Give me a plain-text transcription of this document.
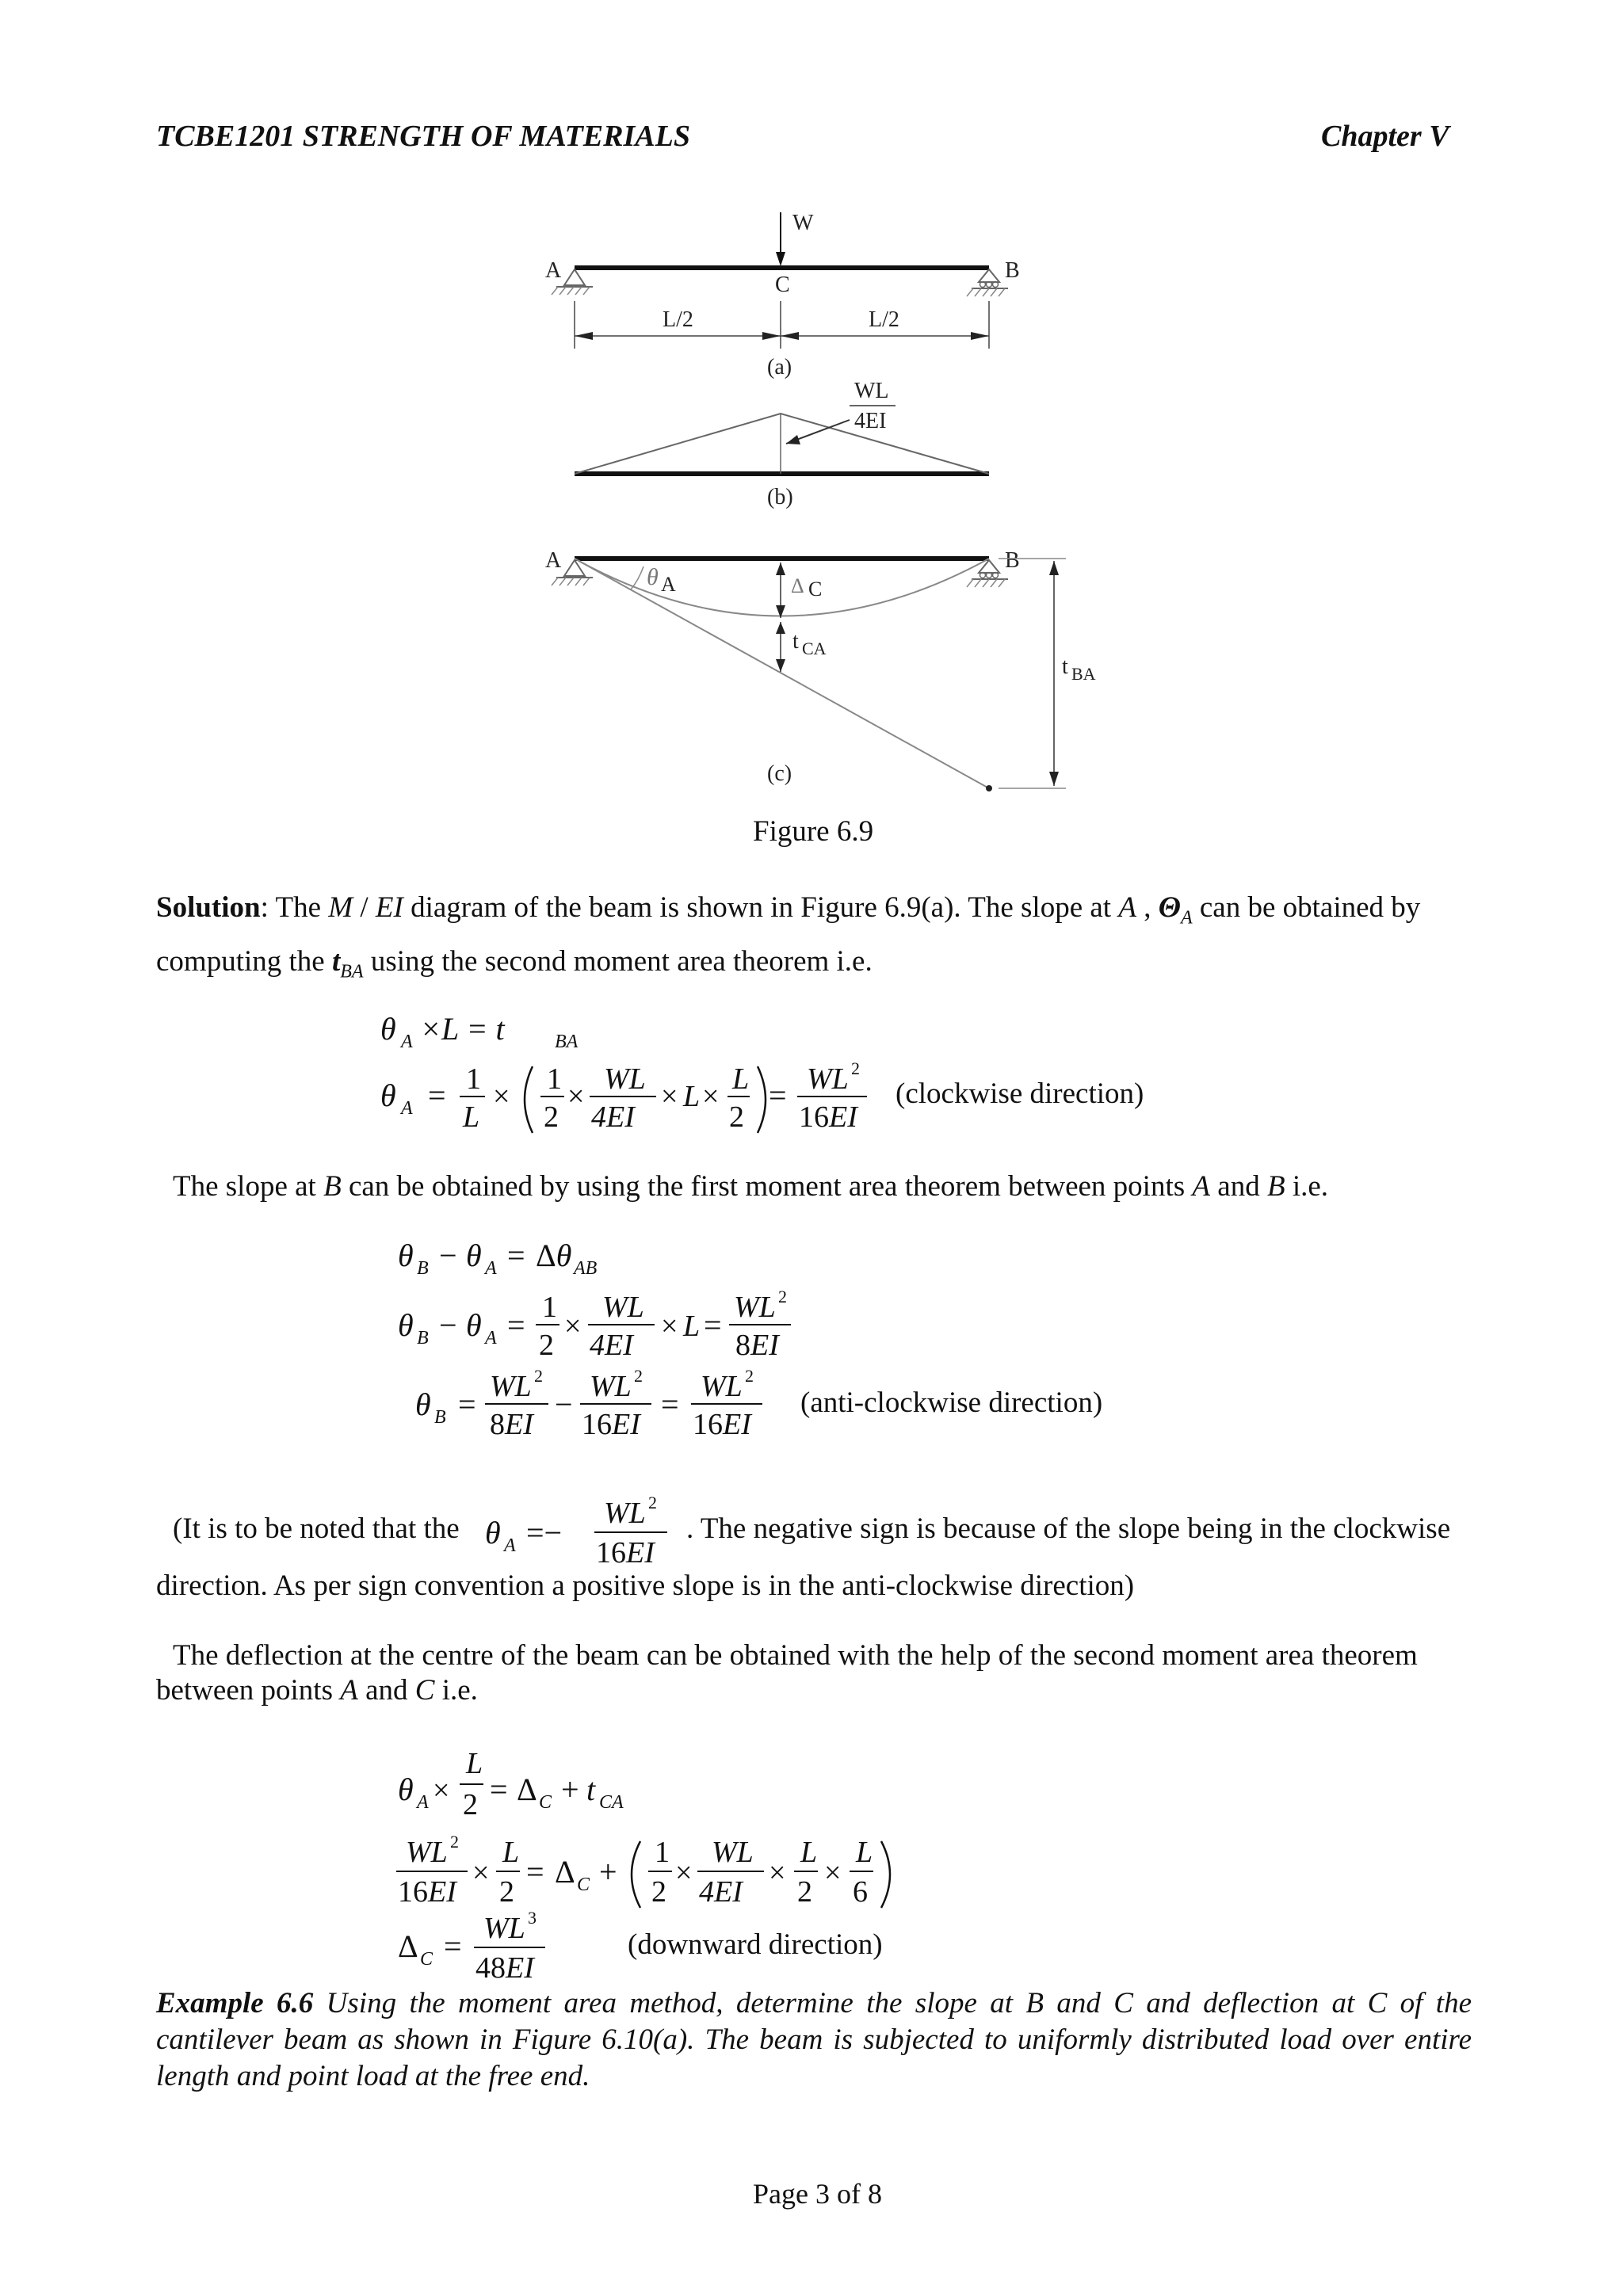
TCBE1201 STRENGTH OF MATERIALS	Chapter V
A	B
C
W
L/2	L/2
(a)
WL
4EI
(b)
A	B
θ A	Δ C
t CA
t BA
(c)
Figure 6.9
Solution: The M / EI diagram of the beam is shown in Figure 6.9(a). The slope at A , $\Theta_A$ can be obtained by computing the $t_{BA}$ using the second moment area theorem i.e.
θ A ×L = t	BA
θ A = 1
L
×
1
2
×
WL
4EI
× L ×
L
2
= WL 2
16EI
(clockwise direction)
The slope at B can be obtained by using the first moment area theorem between points A and B i.e.
θ B − θ A = Δθ AB
θ B − θ A = 1
2
×
WL
4EI
× L = WL 2
8EI
θ B = WL 2
8EI
− WL 2
16EI
= WL 2
16EI
(anti-clockwise direction)
(It is to be noted that the θ A =−
WL 2
16EI
. The negative sign is because of the slope being in the clockwise
direction. As per sign convention a positive slope is in the anti-clockwise direction)
The deflection at the centre of the beam can be obtained with the help of the second moment area theorem
between points A and C i.e.
θ A ×
L
2 = Δ C + t CA
WL 2
16EI
×
L
2
= Δ C +
1
2
×
WL
4EI
×
L
2
×
L
6
Δ C = WL 3
48EI
(downward direction)
Example 6.6 Using the moment area method, determine the slope at B and C and deflection at C of the cantilever beam as shown in Figure 6.10(a). The beam is subjected to uniformly distributed load over entire length and point load at the free end.
Page 3 of 8
